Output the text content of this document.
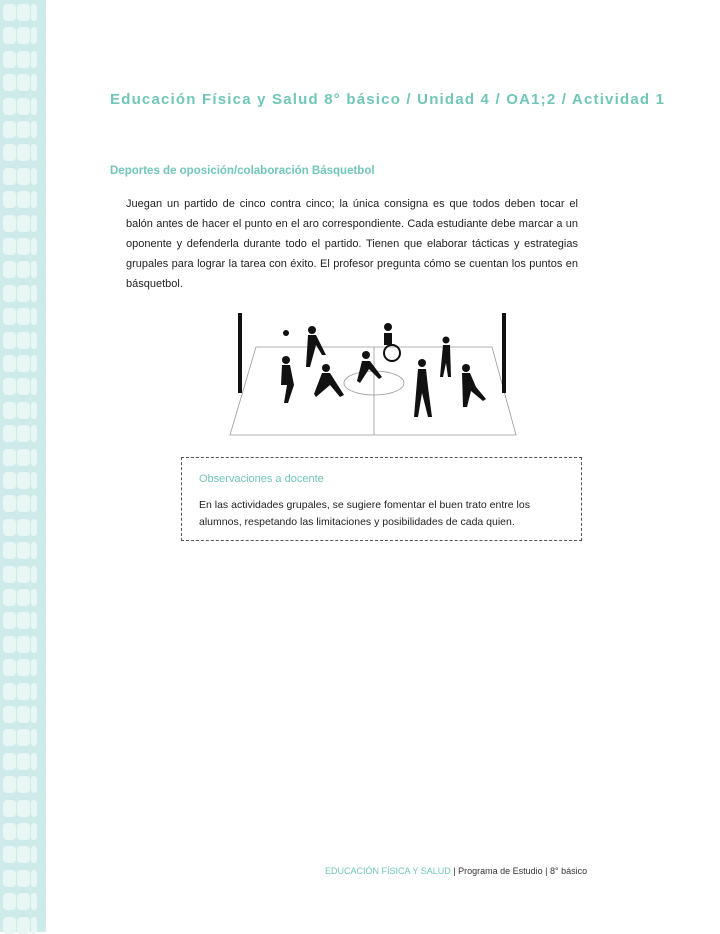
Educación Física y Salud 8° básico / Unidad 4 / OA1;2 / Actividad 1
Deportes de oposición/colaboración Básquetbol

Juegan un partido de cinco contra cinco; la única consigna es que todos deben tocar el balón antes de hacer el punto en el aro correspondiente. Cada estudiante debe marcar a un oponente y defenderla durante todo el partido. Tienen que elaborar tácticas y estrategias grupales para lograr la tarea con éxito. El profesor pregunta cómo se cuentan los puntos en básquetbol.

Observaciones a docente
En las actividades grupales, se sugiere fomentar el buen trato entre los alumnos, respetando las limitaciones y posibilidades de cada quien.
EDUCACIÓN FÍSICA Y SALUD | Programa de Estudio | 8° básico
